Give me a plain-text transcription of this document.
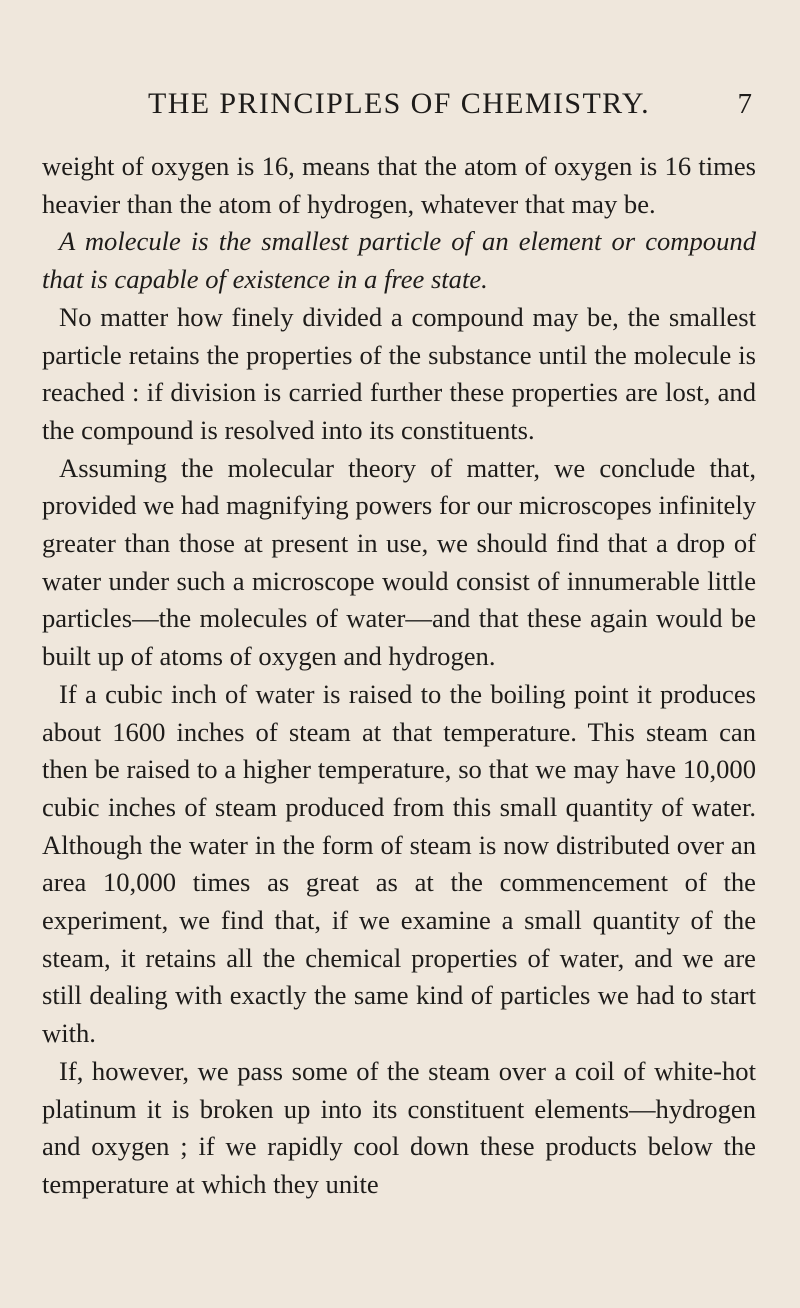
THE PRINCIPLES OF CHEMISTRY.	7

weight of oxygen is 16, means that the atom of oxygen is 16 times heavier than the atom of hydrogen, whatever that may be.

A molecule is the smallest particle of an element or compound that is capable of existence in a free state.

No matter how finely divided a compound may be, the smallest particle retains the properties of the substance until the molecule is reached : if division is carried further these properties are lost, and the compound is resolved into its constituents.

Assuming the molecular theory of matter, we conclude that, provided we had magnifying powers for our microscopes infinitely greater than those at present in use, we should find that a drop of water under such a microscope would consist of innumerable little particles—the molecules of water—and that these again would be built up of atoms of oxygen and hydrogen.

If a cubic inch of water is raised to the boiling point it produces about 1600 inches of steam at that temperature. This steam can then be raised to a higher temperature, so that we may have 10,000 cubic inches of steam produced from this small quantity of water. Although the water in the form of steam is now distributed over an area 10,000 times as great as at the commencement of the experiment, we find that, if we examine a small quantity of the steam, it retains all the chemical properties of water, and we are still dealing with exactly the same kind of particles we had to start with.

If, however, we pass some of the steam over a coil of white-hot platinum it is broken up into its constituent elements—hydrogen and oxygen ; if we rapidly cool down these products below the temperature at which they unite
